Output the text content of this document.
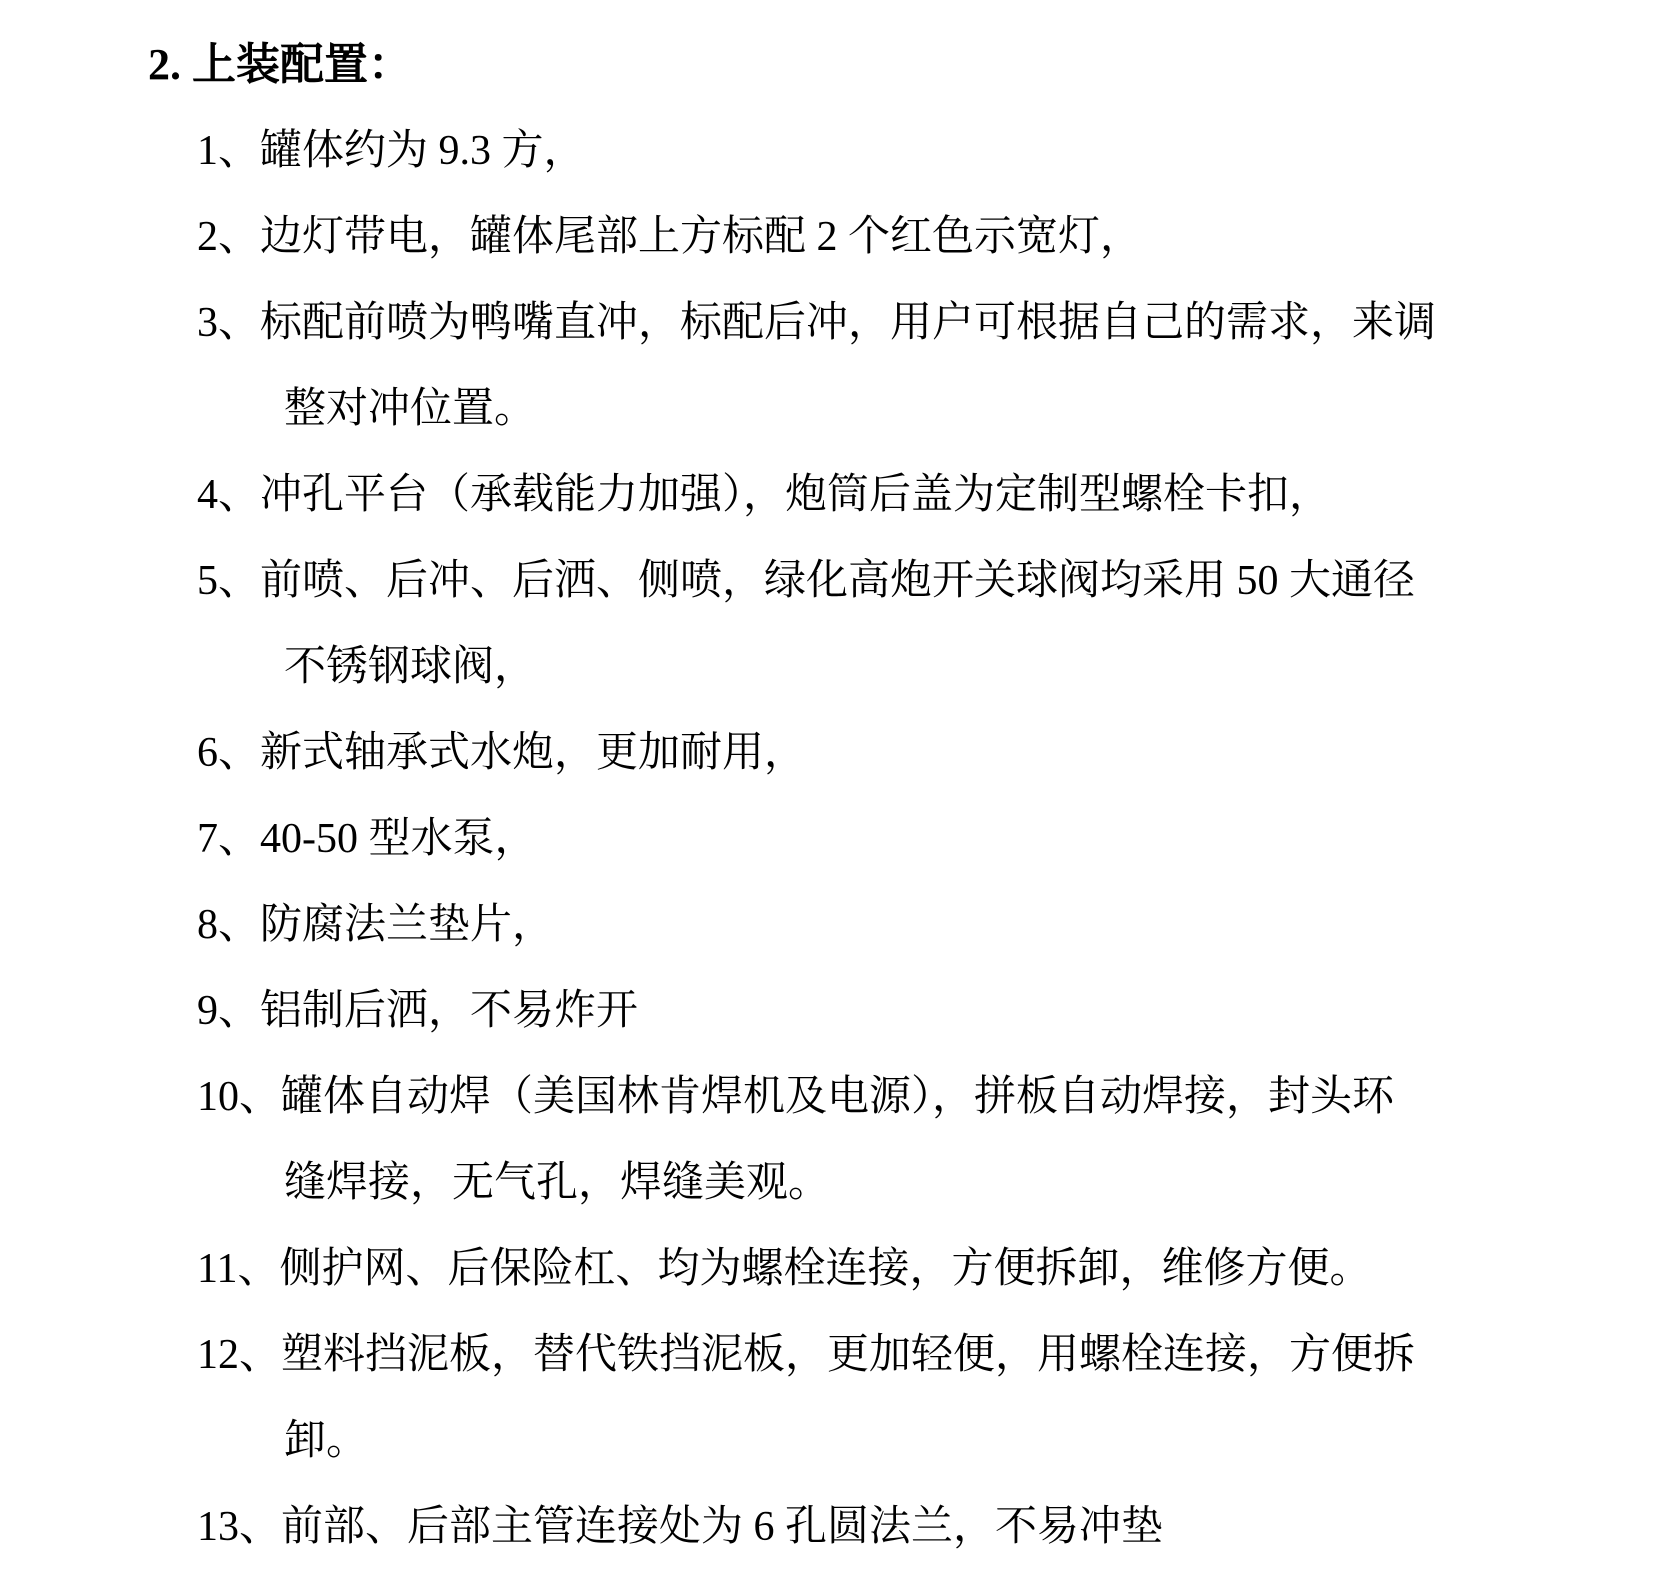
2. 上装配置：
1、罐体约为 9.3 方，
2、边灯带电，罐体尾部上方标配 2 个红色示宽灯，
3、标配前喷为鸭嘴直冲，标配后冲，用户可根据自己的需求，来调
整对冲位置。
4、冲孔平台（承载能力加强），炮筒后盖为定制型螺栓卡扣，
5、前喷、后冲、后洒、侧喷，绿化高炮开关球阀均采用 50 大通径
不锈钢球阀，
6、新式轴承式水炮，更加耐用，
7、40-50 型水泵，
8、防腐法兰垫片，
9、铝制后洒，不易炸开
10、罐体自动焊（美国林肯焊机及电源），拼板自动焊接，封头环
缝焊接，无气孔，焊缝美观。
11、侧护网、后保险杠、均为螺栓连接，方便拆卸，维修方便。
12、塑料挡泥板，替代铁挡泥板，更加轻便，用螺栓连接，方便拆
卸。
13、前部、后部主管连接处为 6 孔圆法兰，不易冲垫
